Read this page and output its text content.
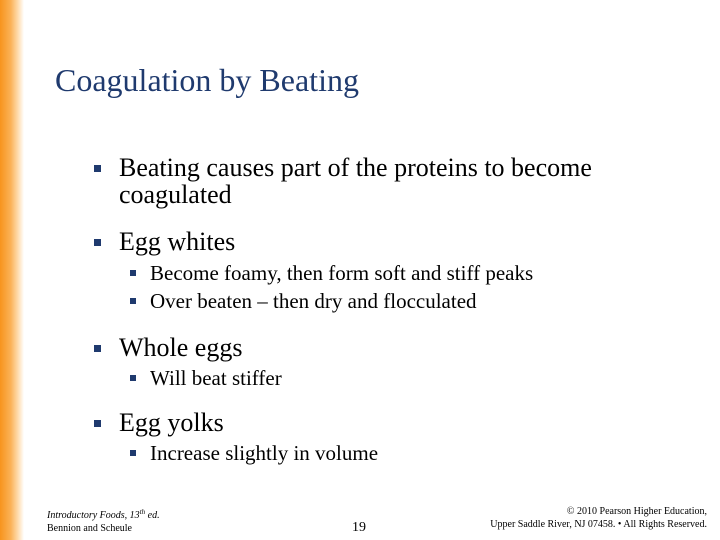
Coagulation by Beating
Beating causes part of the proteins to become
coagulated
Egg whites
Become foamy, then form soft and stiff peaks
Over beaten – then dry and flocculated
Whole eggs
Will beat stiffer
Egg yolks
Increase slightly in volume
Introductory Foods, 13th ed.
Bennion and Scheule	19
© 2010 Pearson Higher Education,
Upper Saddle River, NJ 07458. • All Rights Reserved.
